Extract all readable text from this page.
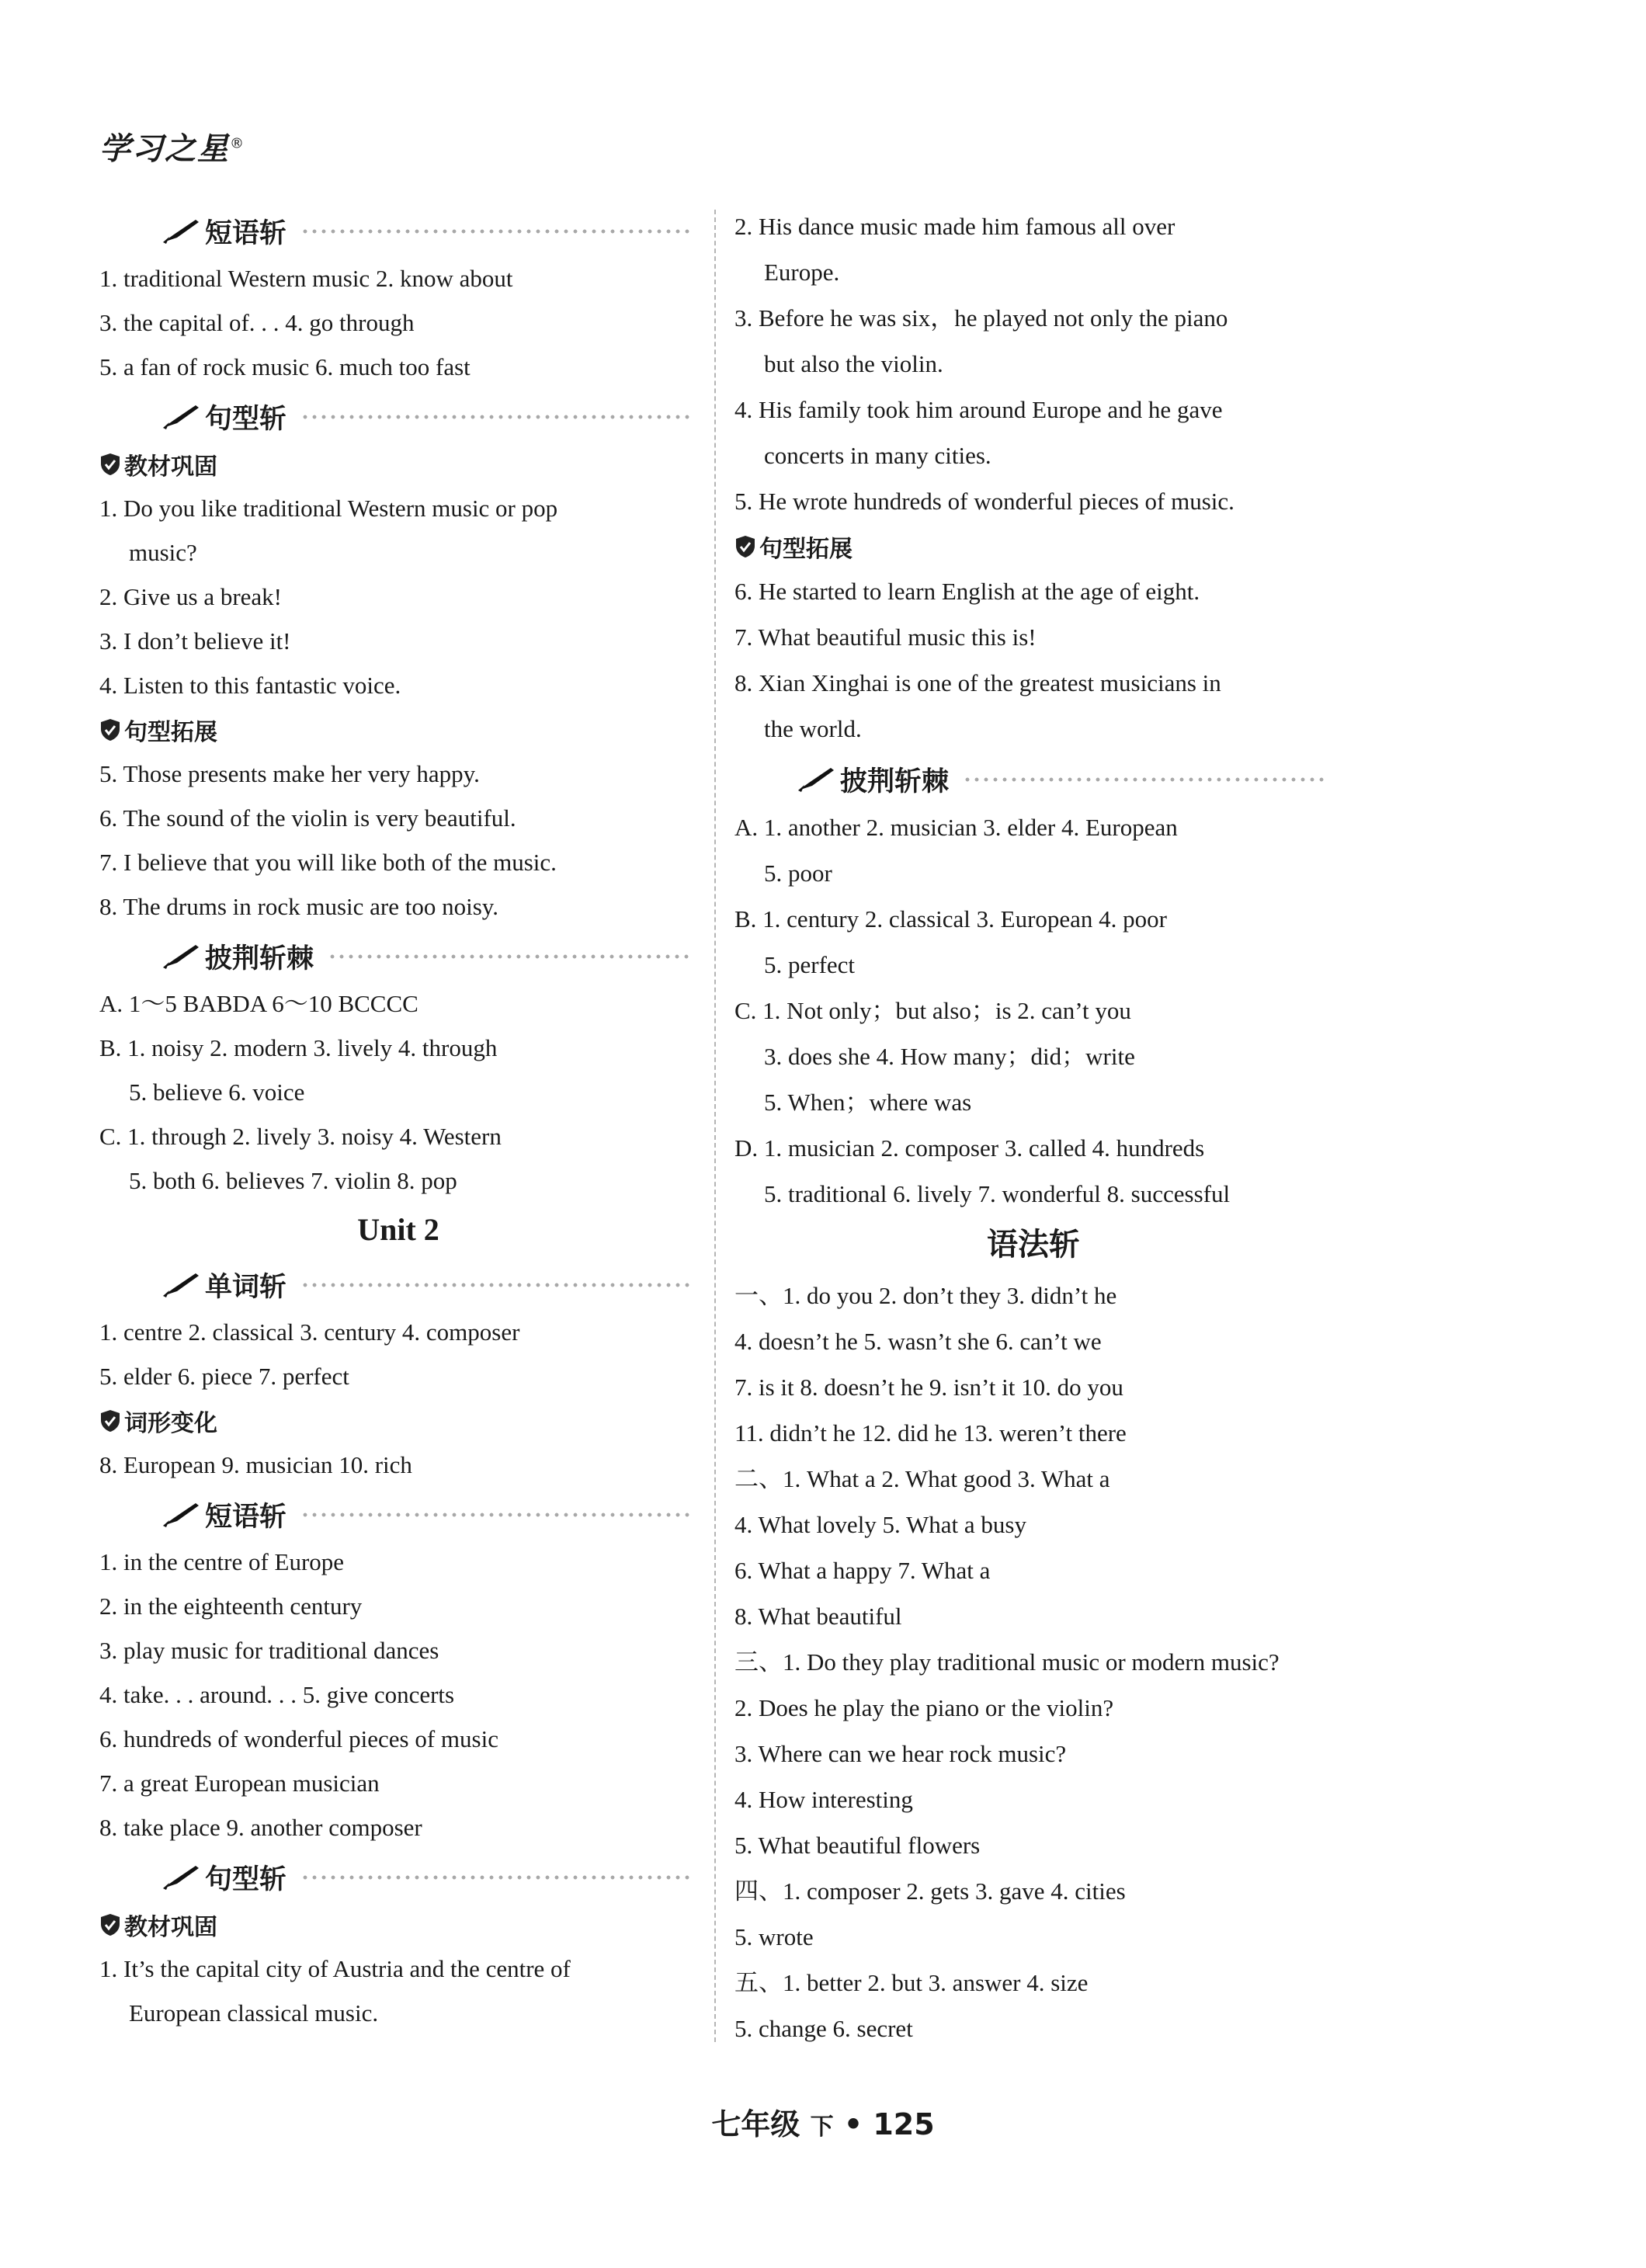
学习之星®
短语斩
1. traditional Western music 2. know about
3. the capital of. . . 4. go through
5. a fan of rock music 6. much too fast
句型斩
教材巩固
1. Do you like traditional Western music or pop
music?
2. Give us a break!
3. I don’t believe it!
4. Listen to this fantastic voice.
句型拓展
5. Those presents make her very happy.
6. The sound of the violin is very beautiful.
7. I believe that you will like both of the music.
8. The drums in rock music are too noisy.
披荆斩棘
A. 1～5 BABDA 6～10 BCCCC
B. 1. noisy 2. modern 3. lively 4. through
5. believe 6. voice
C. 1. through 2. lively 3. noisy 4. Western
5. both 6. believes 7. violin 8. pop
Unit 2
单词斩
1. centre 2. classical 3. century 4. composer
5. elder 6. piece 7. perfect
词形变化
8. European 9. musician 10. rich
短语斩
1. in the centre of Europe
2. in the eighteenth century
3. play music for traditional dances
4. take. . . around. . . 5. give concerts
6. hundreds of wonderful pieces of music
7. a great European musician
8. take place 9. another composer
句型斩
教材巩固
1. It’s the capital city of Austria and the centre of
European classical music.
2. His dance music made him famous all over
Europe.
3. Before he was six，he played not only the piano
but also the violin.
4. His family took him around Europe and he gave
concerts in many cities.
5. He wrote hundreds of wonderful pieces of music.
句型拓展
6. He started to learn English at the age of eight.
7. What beautiful music this is!
8. Xian Xinghai is one of the greatest musicians in
the world.
披荆斩棘
A. 1. another 2. musician 3. elder 4. European
5. poor
B. 1. century 2. classical 3. European 4. poor
5. perfect
C. 1. Not only；but also；is 2. can’t you
3. does she 4. How many；did；write
5. When；where was
D. 1. musician 2. composer 3. called 4. hundreds
5. traditional 6. lively 7. wonderful 8. successful
语法斩
一、1. do you 2. don’t they 3. didn’t he
4. doesn’t he 5. wasn’t she 6. can’t we
7. is it 8. doesn’t he 9. isn’t it 10. do you
11. didn’t he 12. did he 13. weren’t there
二、1. What a 2. What good 3. What a
4. What lovely 5. What a busy
6. What a happy 7. What a
8. What beautiful
三、1. Do they play traditional music or modern music?
2. Does he play the piano or the violin?
3. Where can we hear rock music?
4. How interesting
5. What beautiful flowers
四、1. composer 2. gets 3. gave 4. cities
5. wrote
五、1. better 2. but 3. answer 4. size
5. change 6. secret
七年级 下 • 125
